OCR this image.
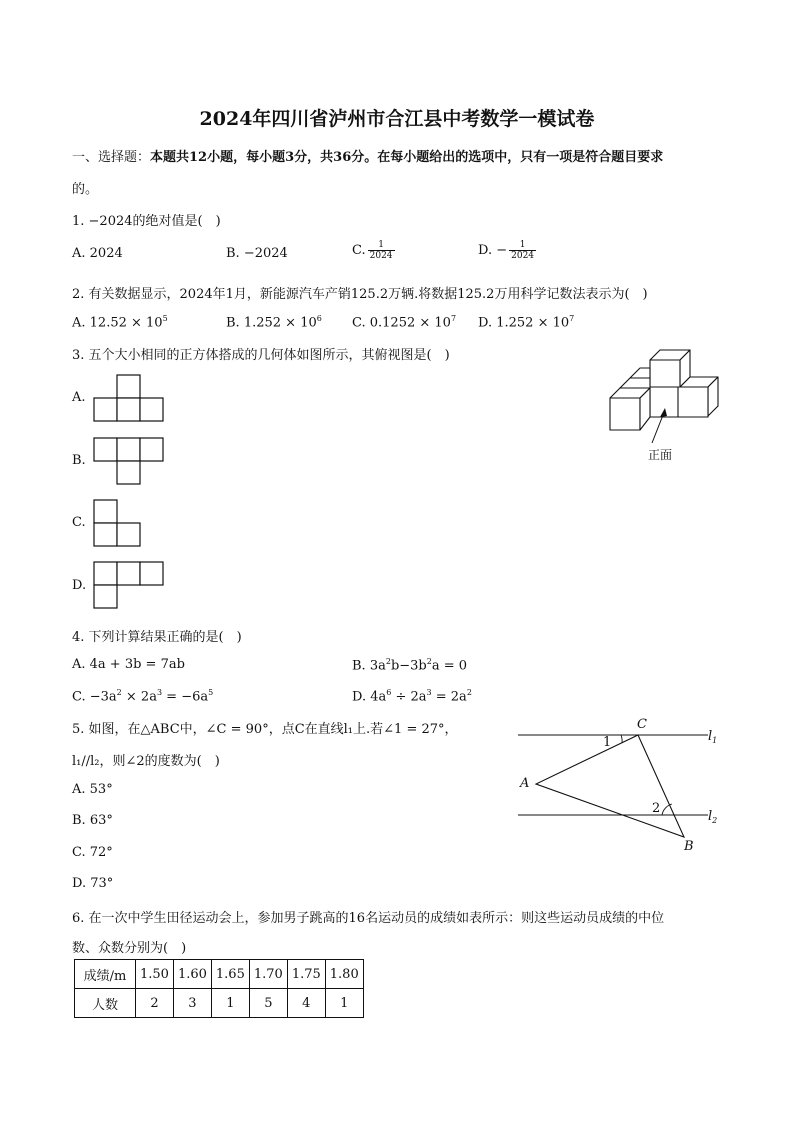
2024年四川省泸州市合江县中考数学一模试卷
一、选择题：本题共12小题，每小题3分，共36分。在每小题给出的选项中，只有一项是符合题目要求
的。
1. −2024的绝对值是(　)
A. 2024	B. −2024	C. $\frac{1}{2024}$	D. − $\frac{1}{2024}$
2. 有关数据显示，2024年1月，新能源汽车产销125.2万辆.将数据125.2万用科学记数法表示为(　)
A. $12.52 \times 10^5$	B. $1.252 \times 10^6$ C. $0.1252 \times 10^7$ D. $1.252 \times 10^7$
3. 五个大小相同的正方体搭成的几何体如图所示，其俯视图是(　)
A.
B.
C.
D.
正面
4. 下列计算结果正确的是(　)
A. 4a + 3b = 7ab	B. $3a^2b-3b^2a = 0$
C. $-3a^2 \times 2a^3 = -6a^5$	D. $4a^6 \div 2a^3 = 2a^2$
5. 如图，在△ABC中，∠C = 90°，点C在直线l₁上.若∠1 = 27°，
l₁//l₂，则∠2的度数为(　)
A. 53°
B. 63°
C. 72°
D. 73°
C
A
B
1
2
$l_1$
$l_2$
6. 在一次中学生田径运动会上，参加男子跳高的16名运动员的成绩如表所示：则这些运动员成绩的中位
数、众数分别为(　)
成绩/m	1.50	1.60	1.65	1.70	1.75	1.80
人数	2	3	1	5	4	1
